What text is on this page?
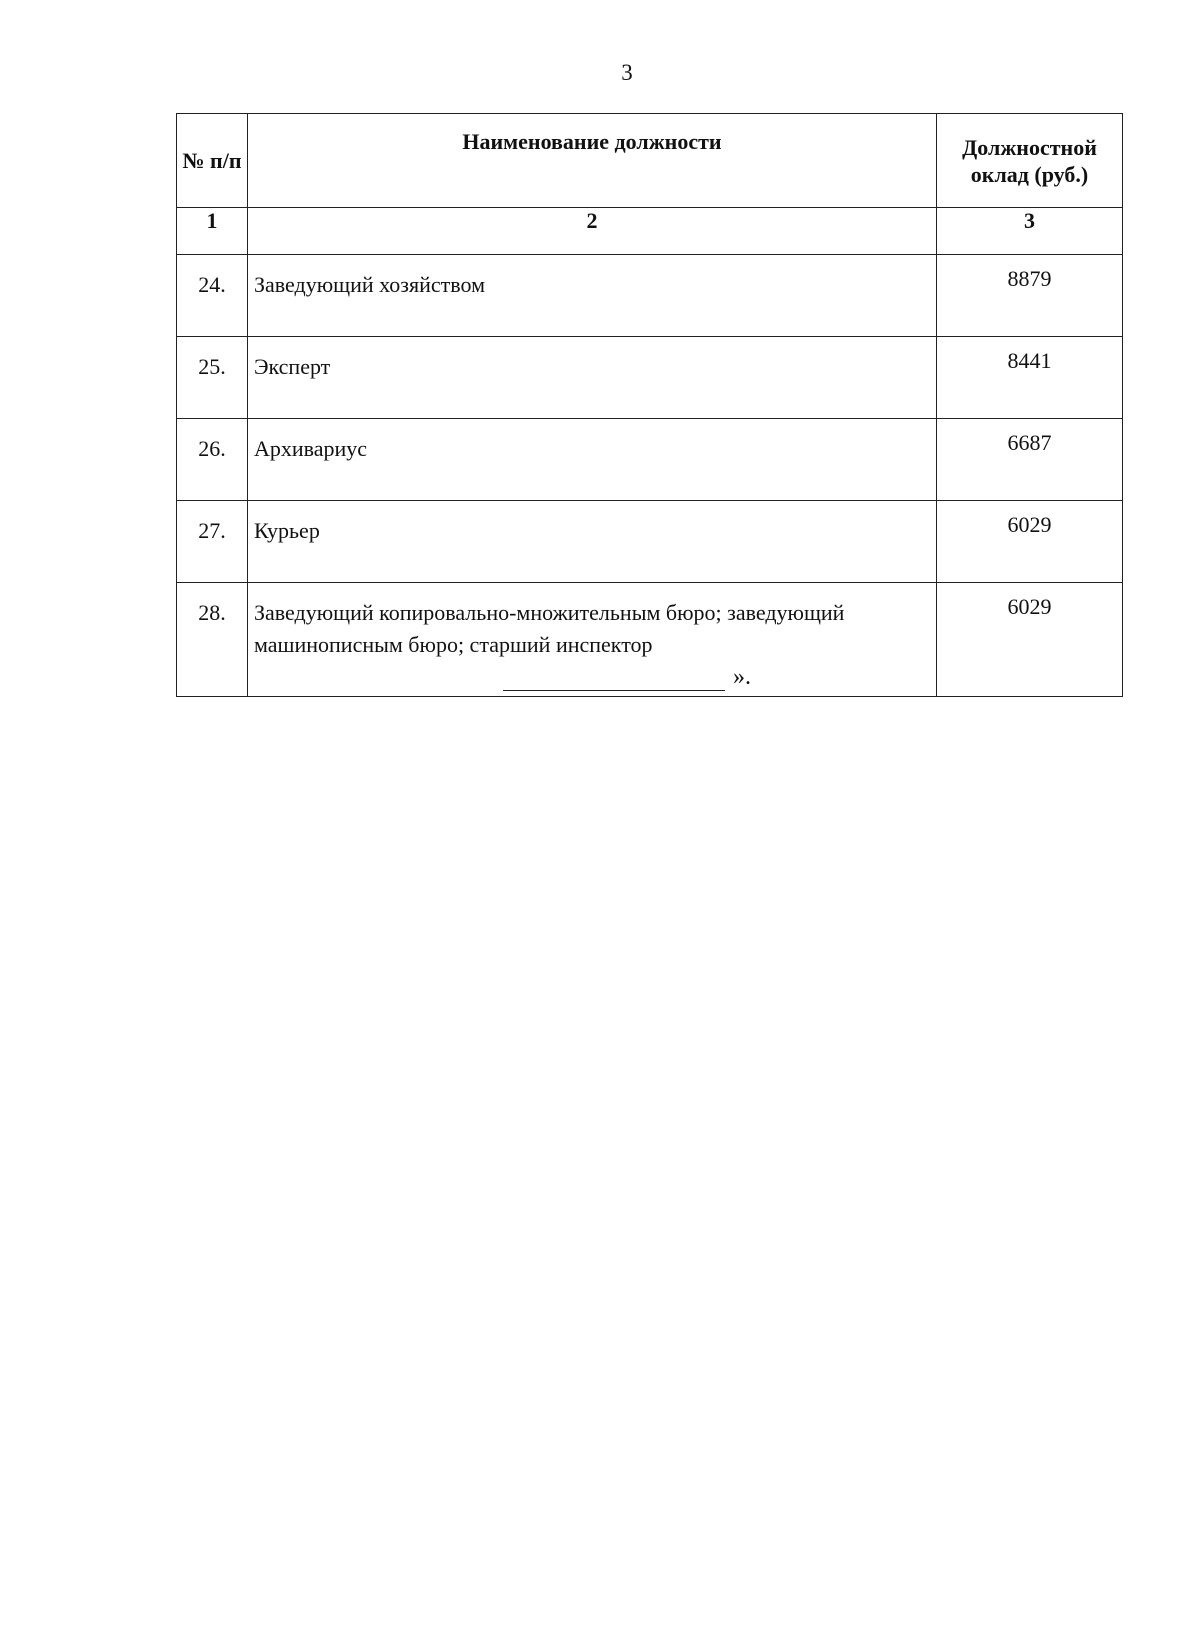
3
№ п/п	Наименование должности	Должностной оклад (руб.)
1	2	3
24.	Заведующий хозяйством	8879
25.	Эксперт	8441
26.	Архивариус	6687
27.	Курьер	6029
28.	Заведующий копировально-множительным бюро; заведующий машинописным бюро; старший инспектор	6029
».
